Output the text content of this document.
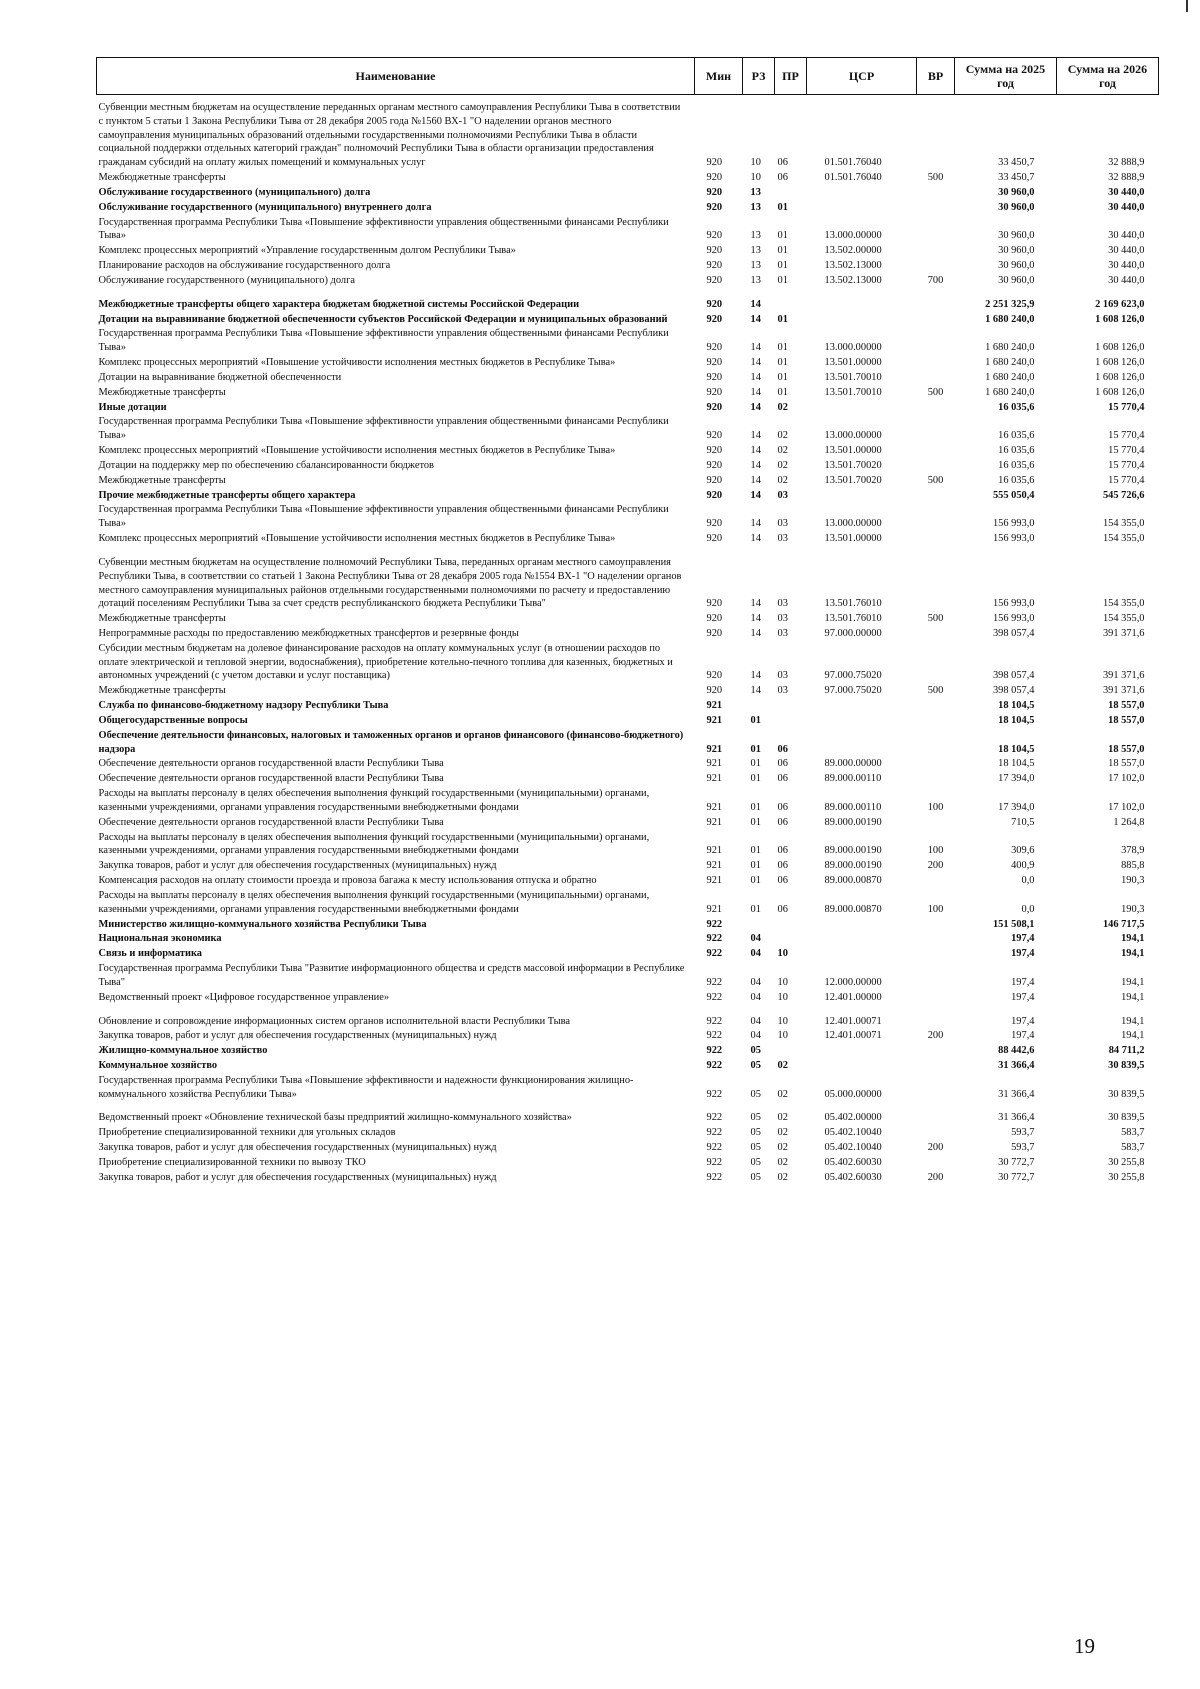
Наименование	Мин	РЗ	ПР	ЦСР	ВР	Сумма на 2025 год	Сумма на 2026 год
Субвенции местным бюджетам на осуществление переданных органам местного самоуправления Республики Тыва в соответствии с пунктом 5 статьи 1 Закона Республики Тыва от 28 декабря 2005 года №1560 ВХ-1 "О наделении органов местного самоуправления муниципальных образований отдельными государственными полномочиями Республики Тыва в области социальной поддержки отдельных категорий граждан" полномочий Республики Тыва в области организации предоставления гражданам субсидий на оплату жилых помещений и коммунальных услуг	920	10	06	01.501.76040		33 450,7	32 888,9
Межбюджетные трансферты	920	10	06	01.501.76040	500	33 450,7	32 888,9
Обслуживание государственного (муниципального) долга	920	13				30 960,0	30 440,0
Обслуживание государственного (муниципального) внутреннего долга	920	13	01			30 960,0	30 440,0
Государственная программа Республики Тыва «Повышение эффективности управления общественными финансами Республики Тыва»	920	13	01	13.000.00000		30 960,0	30 440,0
Комплекс процессных мероприятий «Управление государственным долгом Республики Тыва»	920	13	01	13.502.00000		30 960,0	30 440,0
Планирование расходов на обслуживание государственного долга	920	13	01	13.502.13000		30 960,0	30 440,0
Обслуживание государственного (муниципального) долга	920	13	01	13.502.13000	700	30 960,0	30 440,0
Межбюджетные трансферты общего характера бюджетам бюджетной системы Российской Федерации	920	14				2 251 325,9	2 169 623,0
Дотации на выравнивание бюджетной обеспеченности субъектов Российской Федерации и муниципальных образований	920	14	01			1 680 240,0	1 608 126,0
Государственная программа Республики Тыва «Повышение эффективности управления общественными финансами Республики Тыва»	920	14	01	13.000.00000		1 680 240,0	1 608 126,0
Комплекс процессных мероприятий «Повышение устойчивости исполнения местных бюджетов в Республике Тыва»	920	14	01	13.501.00000		1 680 240,0	1 608 126,0
Дотации на выравнивание бюджетной обеспеченности	920	14	01	13.501.70010		1 680 240,0	1 608 126,0
Межбюджетные трансферты	920	14	01	13.501.70010	500	1 680 240,0	1 608 126,0
Иные дотации	920	14	02			16 035,6	15 770,4
Государственная программа Республики Тыва «Повышение эффективности управления общественными финансами Республики Тыва»	920	14	02	13.000.00000		16 035,6	15 770,4
Комплекс процессных мероприятий «Повышение устойчивости исполнения местных бюджетов в Республике Тыва»	920	14	02	13.501.00000		16 035,6	15 770,4
Дотации на поддержку мер по обеспечению сбалансированности бюджетов	920	14	02	13.501.70020		16 035,6	15 770,4
Межбюджетные трансферты	920	14	02	13.501.70020	500	16 035,6	15 770,4
Прочие межбюджетные трансферты общего характера	920	14	03			555 050,4	545 726,6
Государственная программа Республики Тыва «Повышение эффективности управления общественными финансами Республики Тыва»	920	14	03	13.000.00000		156 993,0	154 355,0
Комплекс процессных мероприятий «Повышение устойчивости исполнения местных бюджетов в Республике Тыва»	920	14	03	13.501.00000		156 993,0	154 355,0
Субвенции местным бюджетам на осуществление полномочий Республики Тыва, переданных органам местного самоуправления Республики Тыва, в соответствии со статьей 1 Закона Республики Тыва от 28 декабря 2005 года №1554 ВХ-1 "О наделении органов местного самоуправления муниципальных районов отдельными государственными полномочиями по расчету и предоставлению дотаций поселениям Республики Тыва за счет средств республиканского бюджета Республики Тыва"	920	14	03	13.501.76010		156 993,0	154 355,0
Межбюджетные трансферты	920	14	03	13.501.76010	500	156 993,0	154 355,0
Непрограммные расходы по предоставлению межбюджетных трансфертов и резервные фонды	920	14	03	97.000.00000		398 057,4	391 371,6
Субсидии местным бюджетам на долевое финансирование расходов на оплату коммунальных услуг (в отношении расходов по оплате электрической и тепловой энергии, водоснабжения), приобретение котельно-печного топлива для казенных, бюджетных и автономных учреждений (с учетом доставки и услуг поставщика)	920	14	03	97.000.75020		398 057,4	391 371,6
Межбюджетные трансферты	920	14	03	97.000.75020	500	398 057,4	391 371,6
Служба по финансово-бюджетному надзору Республики Тыва	921					18 104,5	18 557,0
Общегосударственные вопросы	921	01				18 104,5	18 557,0
Обеспечение деятельности финансовых, налоговых и таможенных органов и органов финансового (финансово-бюджетного) надзора	921	01	06			18 104,5	18 557,0
Обеспечение деятельности органов государственной власти Республики Тыва	921	01	06	89.000.00000		18 104,5	18 557,0
Обеспечение деятельности органов государственной власти Республики Тыва	921	01	06	89.000.00110		17 394,0	17 102,0
Расходы на выплаты персоналу в целях обеспечения выполнения функций государственными (муниципальными) органами, казенными учреждениями, органами управления государственными внебюджетными фондами	921	01	06	89.000.00110	100	17 394,0	17 102,0
Обеспечение деятельности органов государственной власти Республики Тыва	921	01	06	89.000.00190		710,5	1 264,8
Расходы на выплаты персоналу в целях обеспечения выполнения функций государственными (муниципальными) органами, казенными учреждениями, органами управления государственными внебюджетными фондами	921	01	06	89.000.00190	100	309,6	378,9
Закупка товаров, работ и услуг для обеспечения государственных (муниципальных) нужд	921	01	06	89.000.00190	200	400,9	885,8
Компенсация расходов на оплату стоимости проезда и провоза багажа к месту использования отпуска и обратно	921	01	06	89.000.00870		0,0	190,3
Расходы на выплаты персоналу в целях обеспечения выполнения функций государственными (муниципальными) органами, казенными учреждениями, органами управления государственными внебюджетными фондами	921	01	06	89.000.00870	100	0,0	190,3
Министерство жилищно-коммунального хозяйства Республики Тыва	922					151 508,1	146 717,5
Национальная экономика	922	04				197,4	194,1
Связь и информатика	922	04	10			197,4	194,1
Государственная программа Республики Тыва "Развитие информационного общества и средств массовой информации в Республике Тыва"	922	04	10	12.000.00000		197,4	194,1
Ведомственный проект «Цифровое государственное управление»	922	04	10	12.401.00000		197,4	194,1
Обновление и сопровождение информационных систем органов исполнительной власти Республики Тыва	922	04	10	12.401.00071		197,4	194,1
Закупка товаров, работ и услуг для обеспечения государственных (муниципальных) нужд	922	04	10	12.401.00071	200	197,4	194,1
Жилищно-коммунальное хозяйство	922	05				88 442,6	84 711,2
Коммунальное хозяйство	922	05	02			31 366,4	30 839,5
Государственная программа Республики Тыва «Повышение эффективности и надежности функционирования жилищно-коммунального хозяйства Республики Тыва»	922	05	02	05.000.00000		31 366,4	30 839,5
Ведомственный проект «Обновление технической базы предприятий жилищно-коммунального хозяйства»	922	05	02	05.402.00000		31 366,4	30 839,5
Приобретение специализированной техники для угольных складов	922	05	02	05.402.10040		593,7	583,7
Закупка товаров, работ и услуг для обеспечения государственных (муниципальных) нужд	922	05	02	05.402.10040	200	593,7	583,7
Приобретение специализированной техники по вывозу ТКО	922	05	02	05.402.60030		30 772,7	30 255,8
Закупка товаров, работ и услуг для обеспечения государственных (муниципальных) нужд	922	05	02	05.402.60030	200	30 772,7	30 255,8
19
